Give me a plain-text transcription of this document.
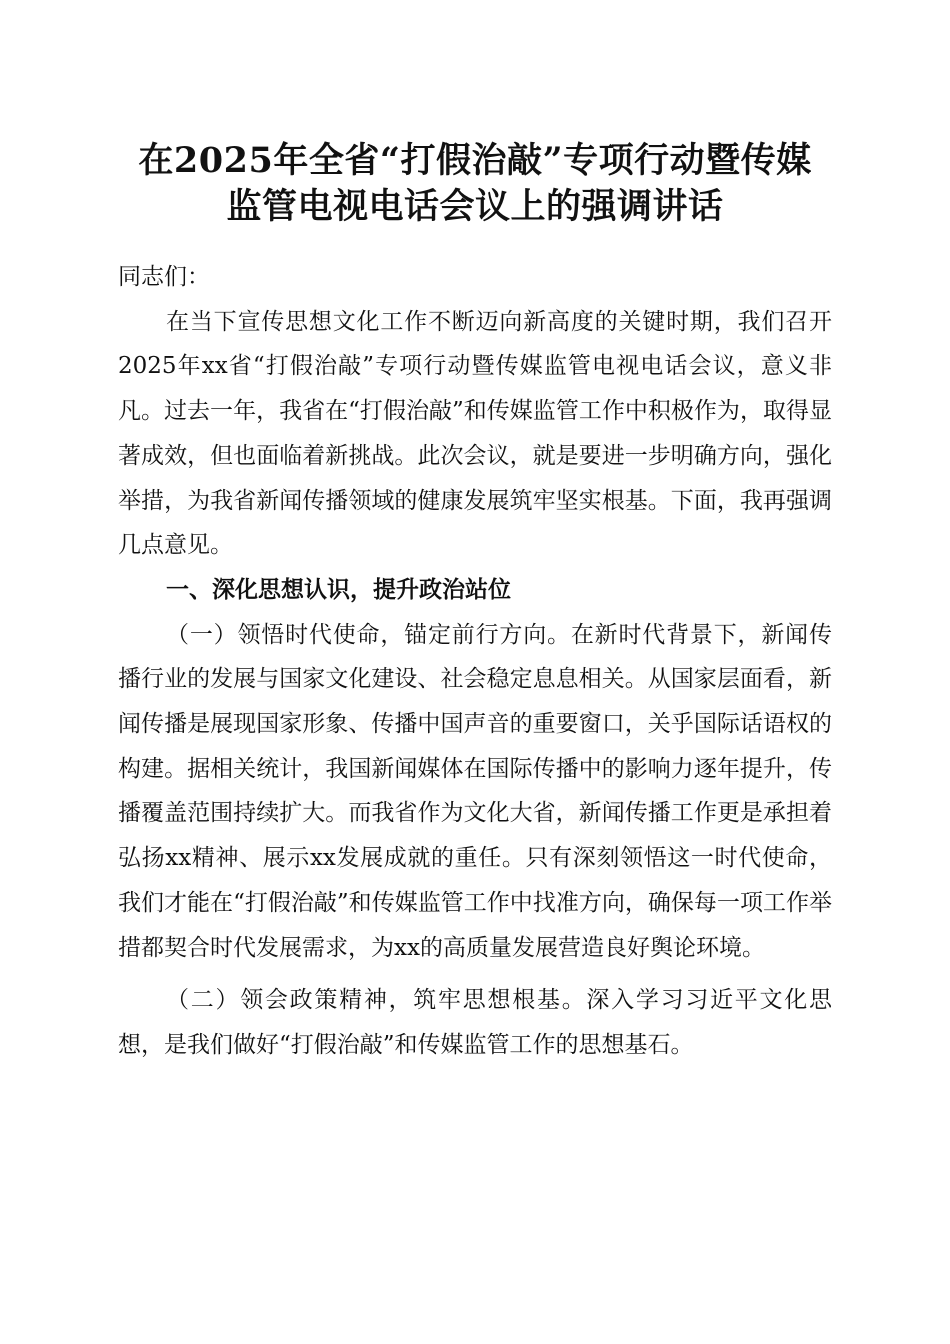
在2025年全省“打假治敲”专项行动暨传媒
监管电视电话会议上的强调讲话

同志们：

在当下宣传思想文化工作不断迈向新高度的关键时期，我们召开2025年xx省“打假治敲”专项行动暨传媒监管电视电话会议，意义非凡。过去一年，我省在“打假治敲”和传媒监管工作中积极作为，取得显著成效，但也面临着新挑战。此次会议，就是要进一步明确方向，强化举措，为我省新闻传播领域的健康发展筑牢坚实根基。下面，我再强调几点意见。

一、深化思想认识，提升政治站位

（一）领悟时代使命，锚定前行方向。在新时代背景下，新闻传播行业的发展与国家文化建设、社会稳定息息相关。从国家层面看，新闻传播是展现国家形象、传播中国声音的重要窗口，关乎国际话语权的构建。据相关统计，我国新闻媒体在国际传播中的影响力逐年提升，传播覆盖范围持续扩大。而我省作为文化大省，新闻传播工作更是承担着弘扬xx精神、展示xx发展成就的重任。只有深刻领悟这一时代使命，我们才能在“打假治敲”和传媒监管工作中找准方向，确保每一项工作举措都契合时代发展需求，为xx的高质量发展营造良好舆论环境。

（二）领会政策精神，筑牢思想根基。深入学习习近平文化思想，是我们做好“打假治敲”和传媒监管工作的思想基石。
